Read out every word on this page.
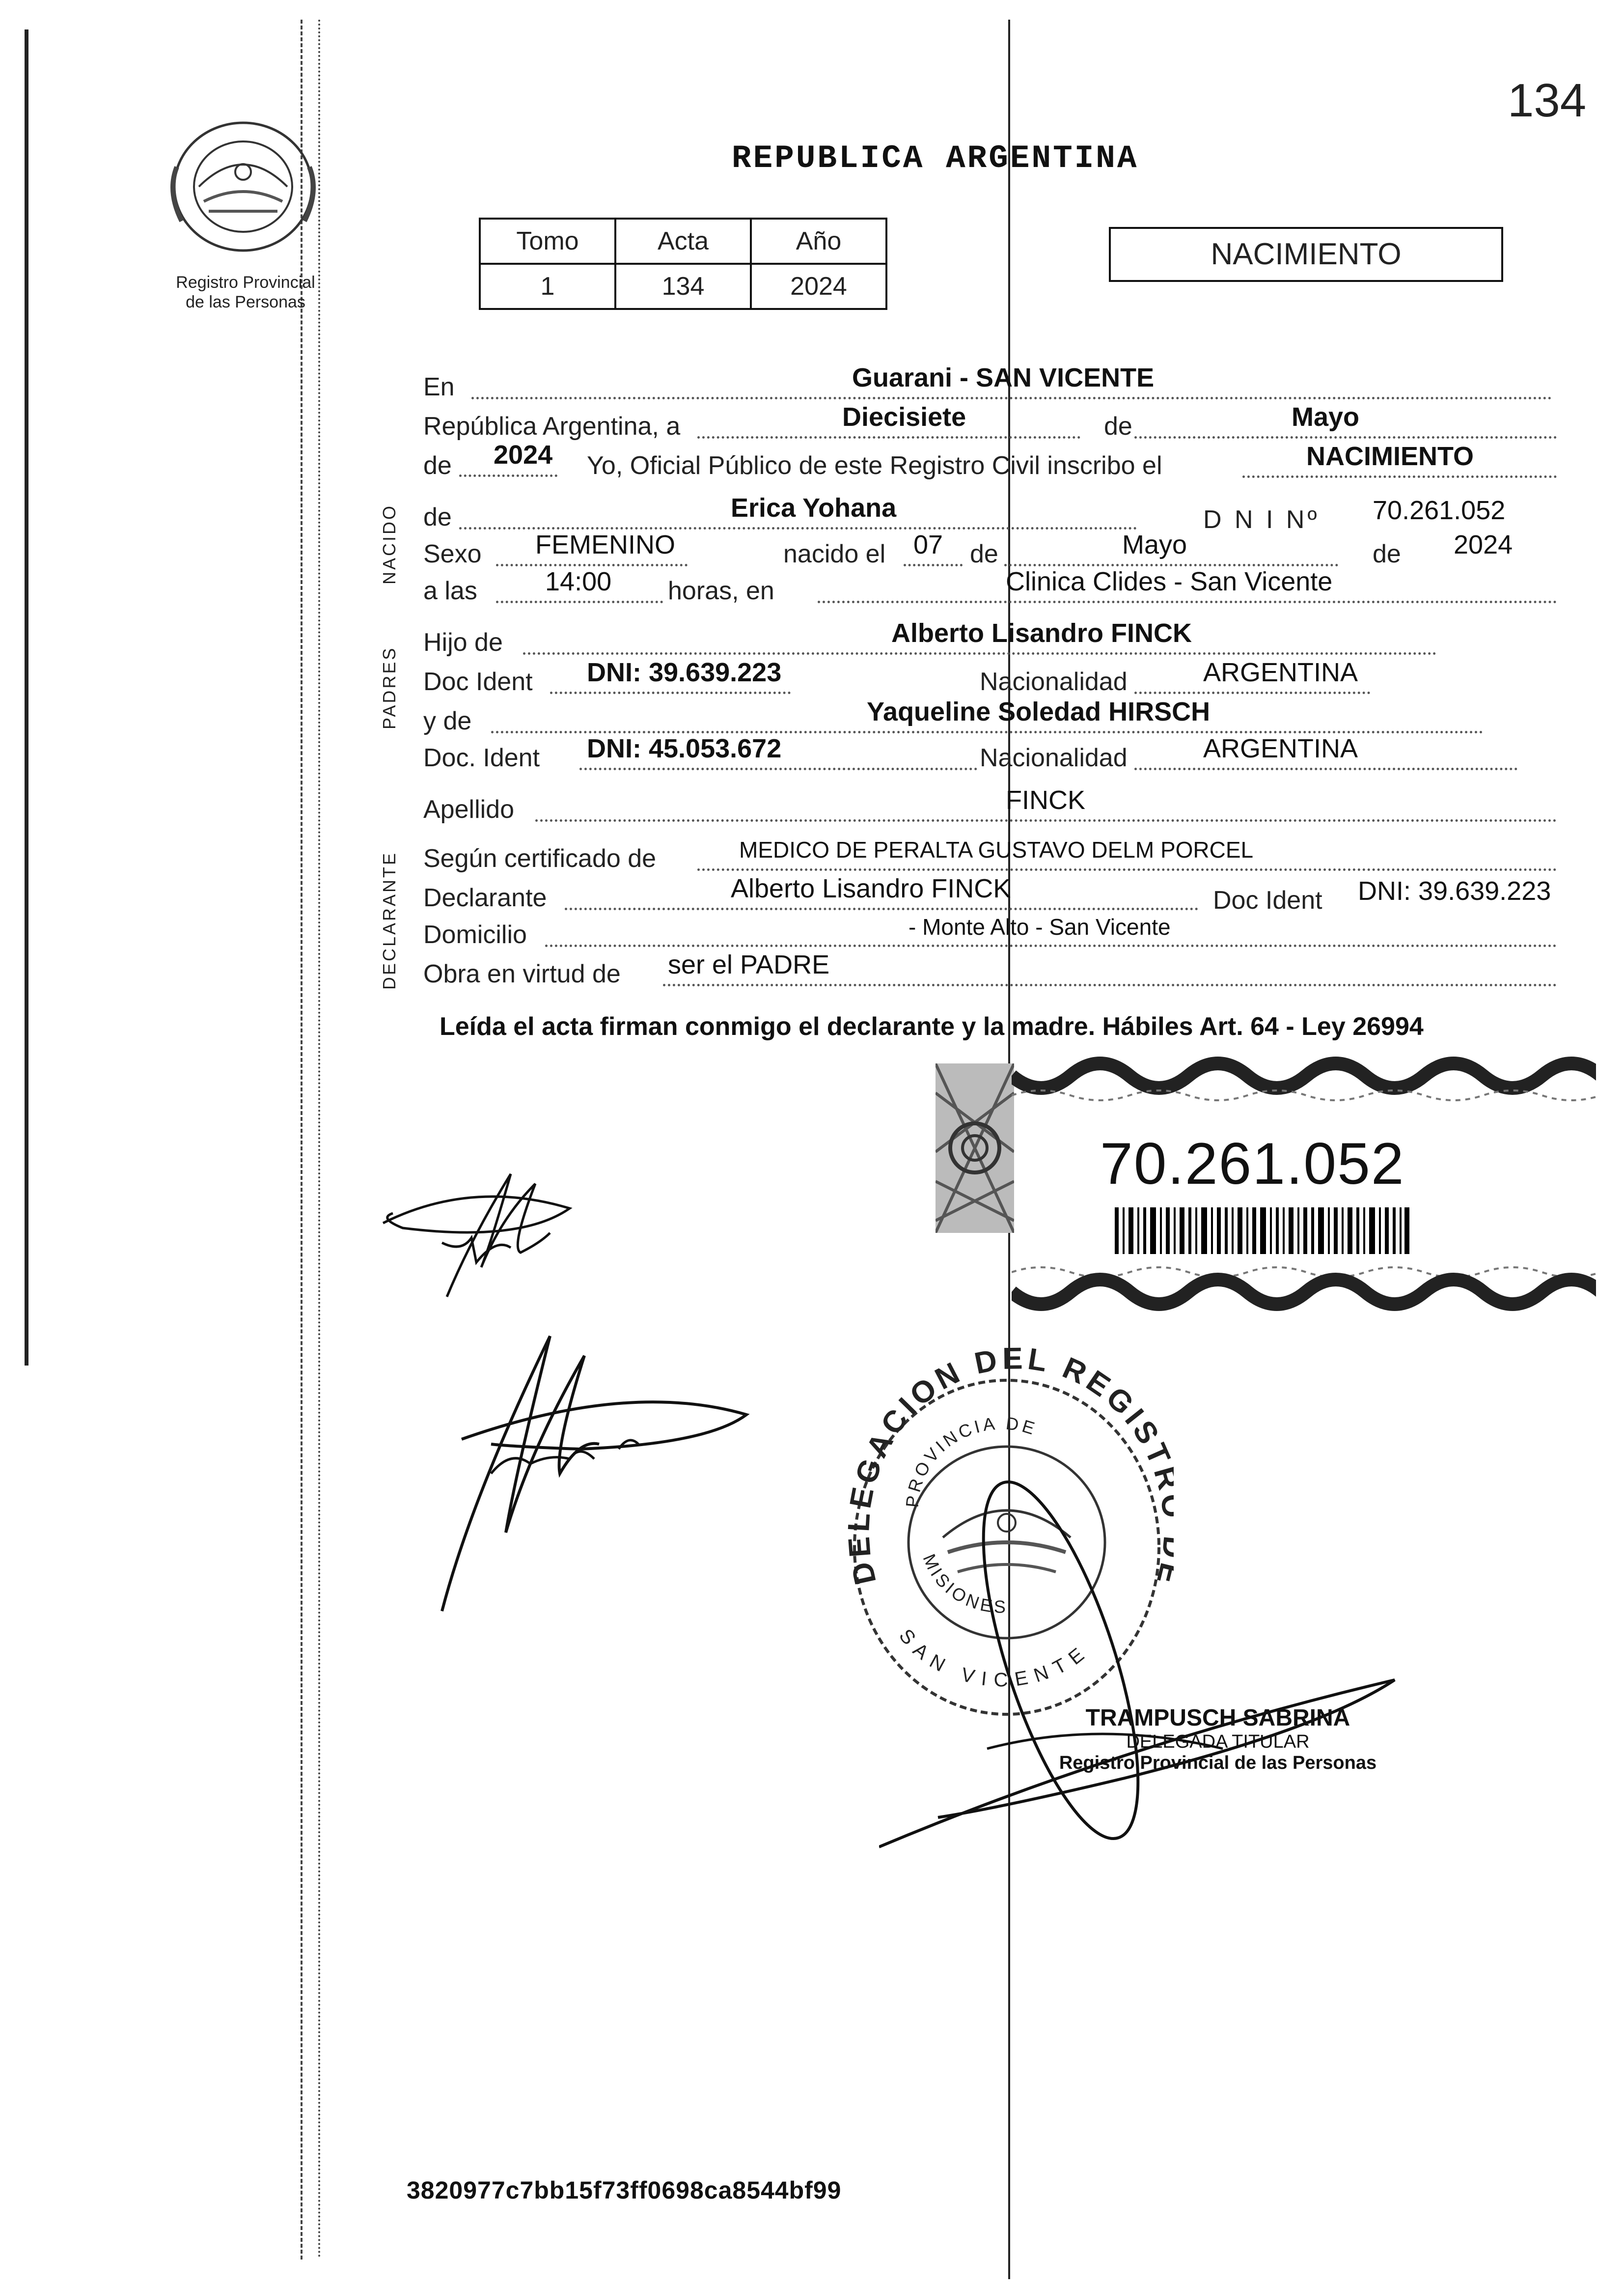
134
Registro Provincial
de las Personas
REPUBLICA ARGENTINA
Tomo	Acta	Año
1	134	2024
NACIMIENTO
NACIDO
PADRES
DECLARANTE
En	Guarani - SAN VICENTE
República Argentina, a	Diecisiete	de	Mayo
de 2024 Yo, Oficial Público de este Registro Civil inscribo el	NACIMIENTO
de	Erica Yohana	D N I Nº 70.261.052
Sexo FEMENINO	nacido el 07 de	Mayo	de 2024
a las	14:00 horas, en	Clinica Clides - San Vicente
Hijo de	Alberto Lisandro FINCK
Doc Ident DNI: 39.639.223	Nacionalidad	ARGENTINA
y de	Yaqueline Soledad HIRSCH
Doc. Ident DNI: 45.053.672	Nacionalidad	ARGENTINA
Apellido	FINCK
Según certificado de	MEDICO DE PERALTA GUSTAVO DELM PORCEL
Declarante	Alberto Lisandro FINCK	Doc Ident DNI: 39.639.223
Domicilio	- Monte Alto - San Vicente
Obra en virtud de ser el PADRE
Leída el acta firman conmigo el declarante y la madre. Hábiles Art. 64 - Ley 26994
70.261.052
DELEGACION DEL REGIS
PROVINCIA DE
MISIONES
SAN VICENTE
TRAMPUSCH SABRINA
DELEGADA TITULAR
Registro Provincial de las Personas
3820977c7bb15f73ff0698ca8544bf99
